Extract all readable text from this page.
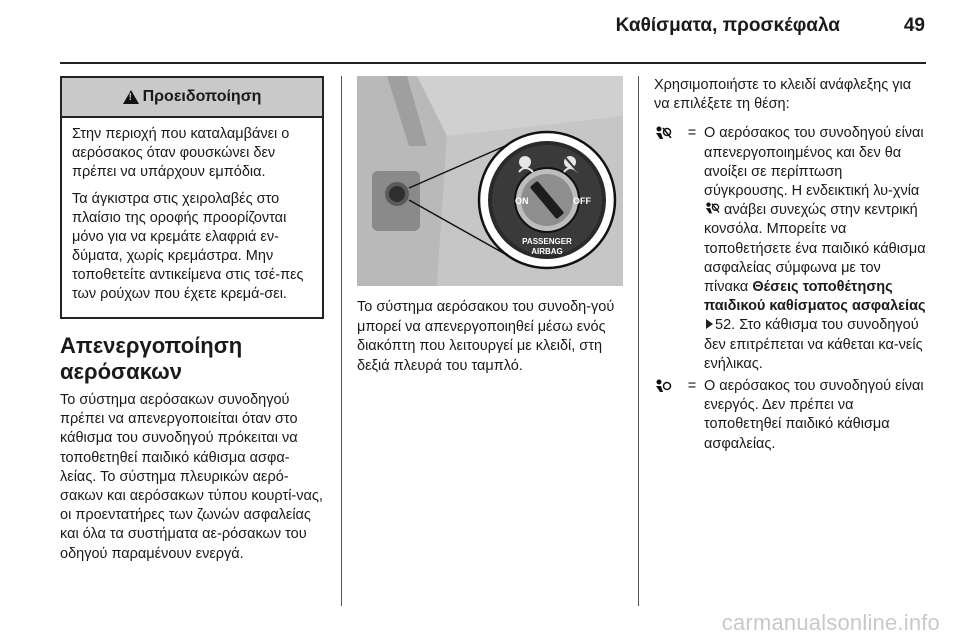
Καθίσματα, προσκέφαλα	49
!
Προειδοποίηση

Στην περιοχή που καταλαμβάνει ο αερόσακος όταν φουσκώνει δεν πρέπει να υπάρχουν εμπόδια.

Τα άγκιστρα στις χειρολαβές στο πλαίσιο της οροφής προορίζονται μόνο για να κρεμάτε ελαφριά εν-δύματα, χωρίς κρεμάστρα. Μην τοποθετείτε αντικείμενα στις τσέ-πες των ρούχων που έχετε κρεμά-σει.

Απενεργοποίηση
αερόσακων

Το σύστημα αερόσακων συνοδηγού πρέπει να απενεργοποιείται όταν στο κάθισμα του συνοδηγού πρόκειται να τοποθετηθεί παιδικό κάθισμα ασφα-λείας. Το σύστημα πλευρικών αερό-σακων και αερόσακων τύπου κουρτί-νας, οι προεντατήρες των ζωνών ασφαλείας και όλα τα συστήματα αε-ρόσακων του οδηγού παραμένουν ενεργά.

ON	OFF
PASSENGER
AIRBAG

Το σύστημα αερόσακου του συνοδη-γού μπορεί να απενεργοποιηθεί μέσω ενός διακόπτη που λειτουργεί με κλειδί, στη δεξιά πλευρά του ταμπλό.

Χρησιμοποιήστε το κλειδί ανάφλεξης για να επιλέξετε τη θέση:
= Ο αερόσακος του συνοδηγού είναι απενεργοποιημένος και δεν θα ανοίξει σε περίπτωση σύγκρουσης. Η ενδεικτική λυ-χνία  ανάβει συνεχώς στην κεντρική κονσόλα. Μπορείτε να τοποθετήσετε ένα παιδικό κάθισμα ασφαλείας σύμφωνα με τον πίνακα Θέσεις τοποθέτησης παιδικού καθίσματος ασφαλείας 52. Στο κάθισμα του συνοδηγού δεν επιτρέπεται να κάθεται κα-νείς ενήλικας.
= Ο αερόσακος του συνοδηγού είναι ενεργός. Δεν πρέπει να τοποθετηθεί παιδικό κάθισμα ασφαλείας.
carmanualsonline.info
